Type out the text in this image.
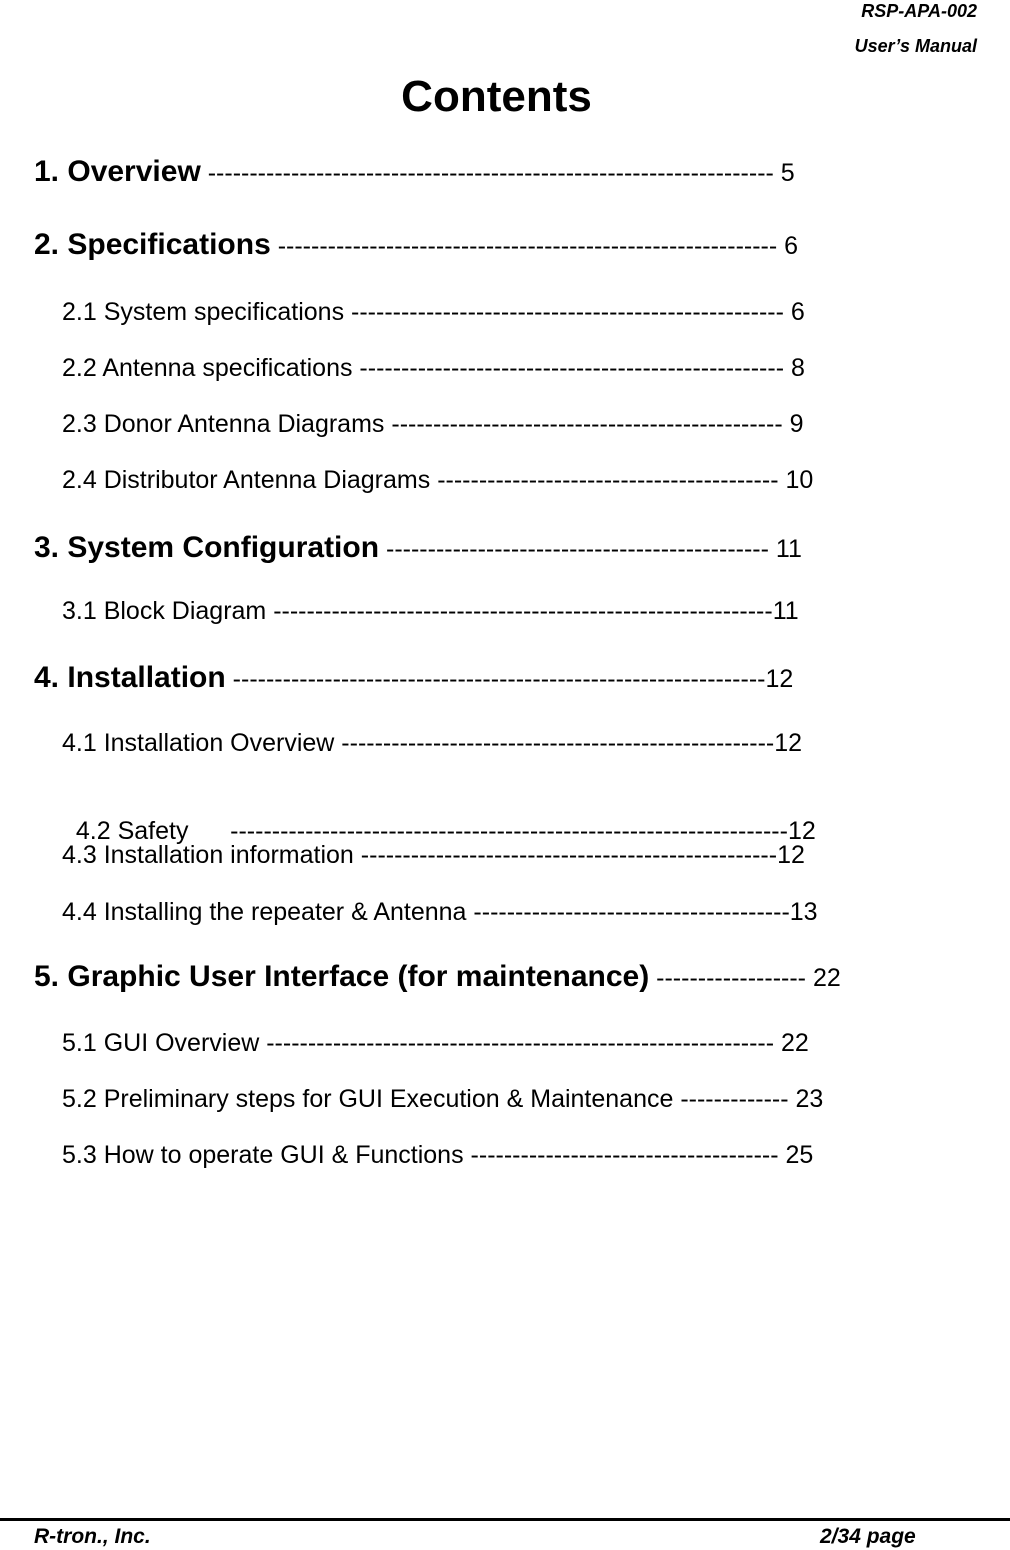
RSP-APA-002
User’s Manual
Contents
1. Overview -------------------------------------------------------------------- 5
2. Specifications ------------------------------------------------------------ 6
2.1 System specifications ---------------------------------------------------- 6
2.2 Antenna specifications --------------------------------------------------- 8
2.3 Donor Antenna Diagrams ----------------------------------------------- 9
2.4 Distributor Antenna Diagrams ----------------------------------------- 10
3. System Configuration ---------------------------------------------- 11
3.1 Block Diagram ------------------------------------------------------------11
4. Installation ----------------------------------------------------------------12
4.1 Installation Overview ----------------------------------------------------12

4.2 Safety      -------------------------------------------------------------------12

4.3 Installation information --------------------------------------------------12
4.4 Installing the repeater & Antenna --------------------------------------13
5. Graphic User Interface (for maintenance) ------------------ 22
5.1 GUI Overview ------------------------------------------------------------- 22
5.2 Preliminary steps for GUI Execution & Maintenance ------------- 23
5.3 How to operate GUI & Functions ------------------------------------- 25
R-tron., Inc.	2/34 page
